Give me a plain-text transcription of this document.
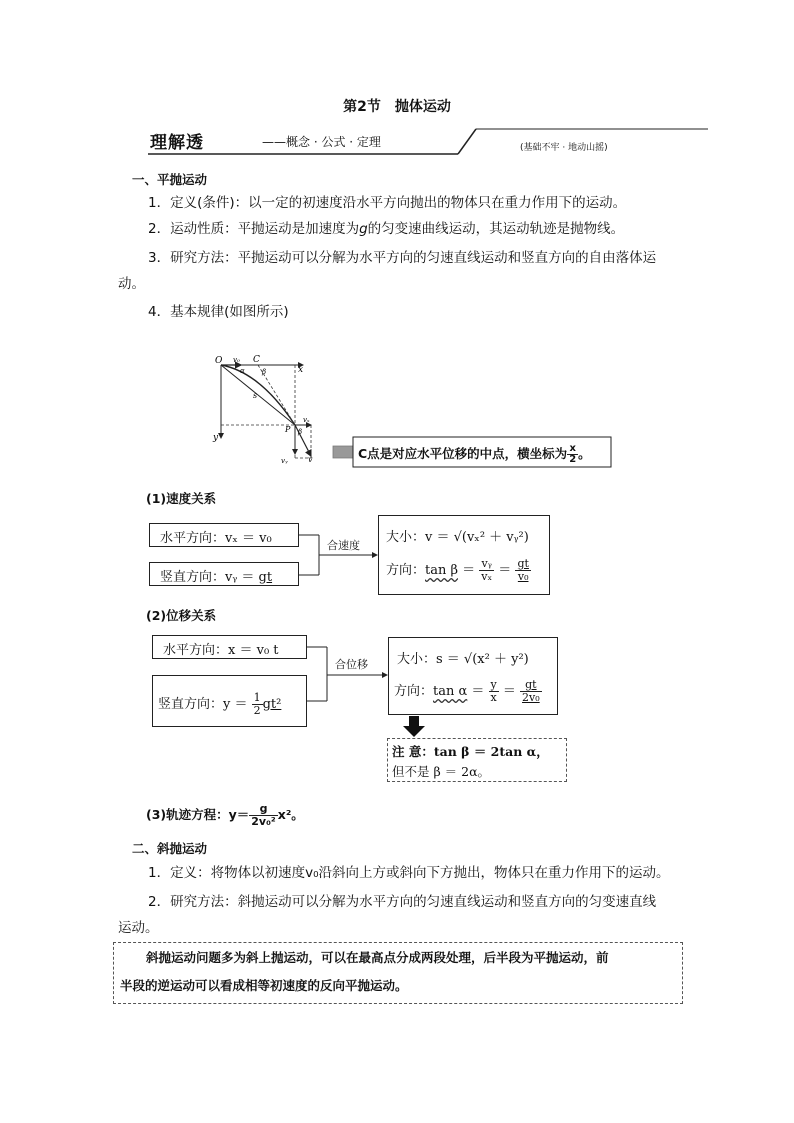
第2节　抛体运动
理解透	——概念 · 公式 · 定理	(基础不牢 · 地动山摇)
一、平抛运动
1．定义(条件)：以一定的初速度沿水平方向抛出的物体只在重力作用下的运动。
2．运动性质：平抛运动是加速度为g的匀变速曲线运动，其运动轨迹是抛物线。
3．研究方法：平抛运动可以分解为水平方向的匀速直线运动和竖直方向的自由落体运
动。
4．基本规律(如图所示)
O	C
v₀
x
y
α β
s
P β
vₓ
vᵧ	v	C点是对应水平位移的中点，横坐标为 $\frac{x}{2}$ 。
(1)速度关系
水平方向：vₓ ＝ v₀
竖直方向：vᵧ ＝ gt
合速度
大小：v ＝ √(vₓ² ＋ vᵧ²)
方向：$\tan \beta = \frac{\text{vᵧ}}{\text{vₓ}} = \frac{gt}{\text{v₀}}$
(2)位移关系
水平方向：x ＝ v₀ t
竖直方向：$y = \frac{1}{2} gt^2$
合位移 大小：s ＝ √(x² ＋ y²)
方向：$\tan \alpha = \frac{y}{x} = \frac{gt}{\text{2v₀}}$
注 意：tan β ＝ 2tan α，
但不是 β ＝ 2α。
(3)轨迹方程：$y= \frac{g}{\text{2v₀²}} x^2$。
二、斜抛运动
1．定义：将物体以初速度v₀沿斜向上方或斜向下方抛出，物体只在重力作用下的运动。
2．研究方法：斜抛运动可以分解为水平方向的匀速直线运动和竖直方向的匀变速直线
运动。
斜抛运动问题多为斜上抛运动，可以在最高点分成两段处理，后半段为平抛运动，前
半段的逆运动可以看成相等初速度的反向平抛运动。
